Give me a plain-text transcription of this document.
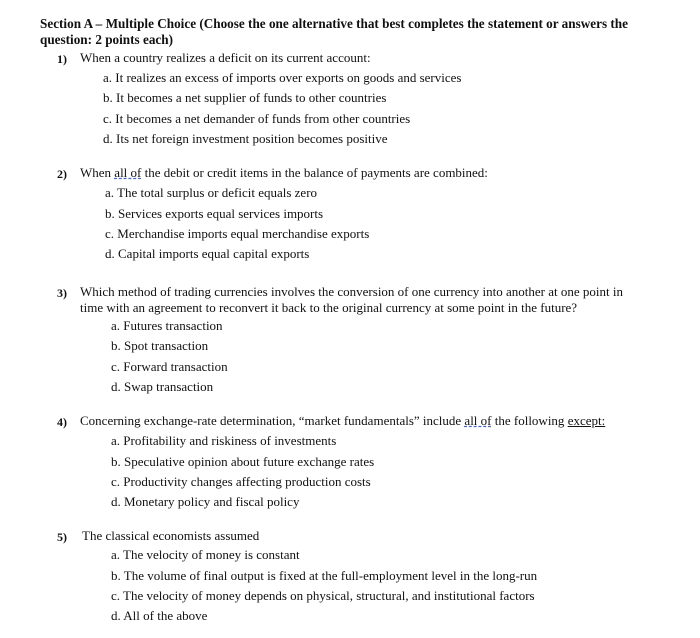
Section A – Multiple Choice (Choose the one alternative that best completes the statement or answers the
question: 2 points each)
1) When a country realizes a deficit on its current account:
a. It realizes an excess of imports over exports on goods and services
b. It becomes a net supplier of funds to other countries
c. It becomes a net demander of funds from other countries
d. Its net foreign investment position becomes positive
2) When all of the debit or credit items in the balance of payments are combined:
a. The total surplus or deficit equals zero
b. Services exports equal services imports
c. Merchandise imports equal merchandise exports
d. Capital imports equal capital exports
3) Which method of trading currencies involves the conversion of one currency into another at one point in
time with an agreement to reconvert it back to the original currency at some point in the future?
a. Futures transaction
b. Spot transaction
c. Forward transaction
d. Swap transaction
4) Concerning exchange-rate determination, “market fundamentals” include all of the following except:
a. Profitability and riskiness of investments
b. Speculative opinion about future exchange rates
c. Productivity changes affecting production costs
d. Monetary policy and fiscal policy
5) The classical economists assumed
a. The velocity of money is constant
b. The volume of final output is fixed at the full-employment level in the long-run
c. The velocity of money depends on physical, structural, and institutional factors
d. All of the above
